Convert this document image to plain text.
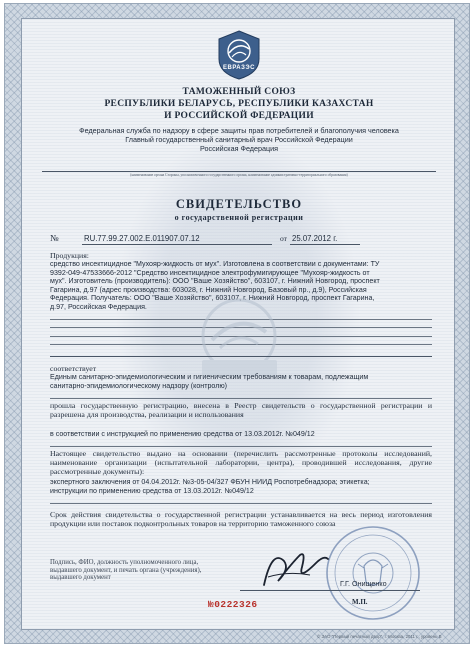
ЕВРАЗЭС
ТАМОЖЕННЫЙ СОЮЗ
РЕСПУБЛИКИ БЕЛАРУСЬ, РЕСПУБЛИКИ КАЗАХСТАН
И РОССИЙСКОЙ ФЕДЕРАЦИИ
Федеральная служба по надзору в сфере защиты прав потребителей и благополучия человека
Главный государственный санитарный врач Российской Федерации
Российская Федерация
(наименование органа Стороны, уполномоченного государственного органа, наименование административно-территориального образования)
СВИДЕТЕЛЬСТВО
о государственной регистрации
№	RU.77.99.27.002.Е.011907.07.12	от 25.07.2012 г.
Продукция:
средство инсектицидное "Мухояр-жидкость от мух". Изготовлена в соответствии с документами: ТУ
9392-049-47533666-2012 "Средство инсектицидное электрофумигирующее "Мухояр-жидкость от
мух". Изготовитель (производитель): ООО "Ваше Хозяйство", 603107, г. Нижний Новгород, проспект
Гагарина, д.97 (адрес производства: 603028, г. Нижний Новгород, Базовый пр., д.9), Российская
Федерация. Получатель: ООО "Ваше Хозяйство", 603107, г. Нижний Новгород, проспект Гагарина,
д.97, Российская Федерация.
соответствует
Единым санитарно-эпидемиологическим и гигиеническим требованиям к товарам, подлежащим
санитарно-эпидемиологическому надзору (контролю)
прошла государственную регистрацию, внесена в Реестр свидетельств о государственной регистрации и разрешена для производства, реализации и использования
в соответствии с инструкцией по применению средства от 13.03.2012г. №049/12
Настоящее свидетельство выдано на основании (перечислить рассмотренные протоколы исследований, наименование организации (испытательной лаборатории, центра), проводившей исследования, другие рассмотренные документы):
экспертного заключения от 04.04.2012г. №3-05-04/327 ФБУН НИИД Роспотребнадзора; этикетка;
инструкции по применению средства от 13.03.2012г. №049/12
Срок действия свидетельства о государственной регистрации устанавливается на весь период изготовления продукции или поставок подконтрольных товаров на территорию таможенного союза
Подпись, ФИО, должность уполномоченного лица, выдавшего документ, и печать органа (учреждения), выдавшего документ
Г.Г. Онищенко
М.П.
№0222326
© ЗАО "Первый печатный двор", г. Москва, 2011 г., уровень В
